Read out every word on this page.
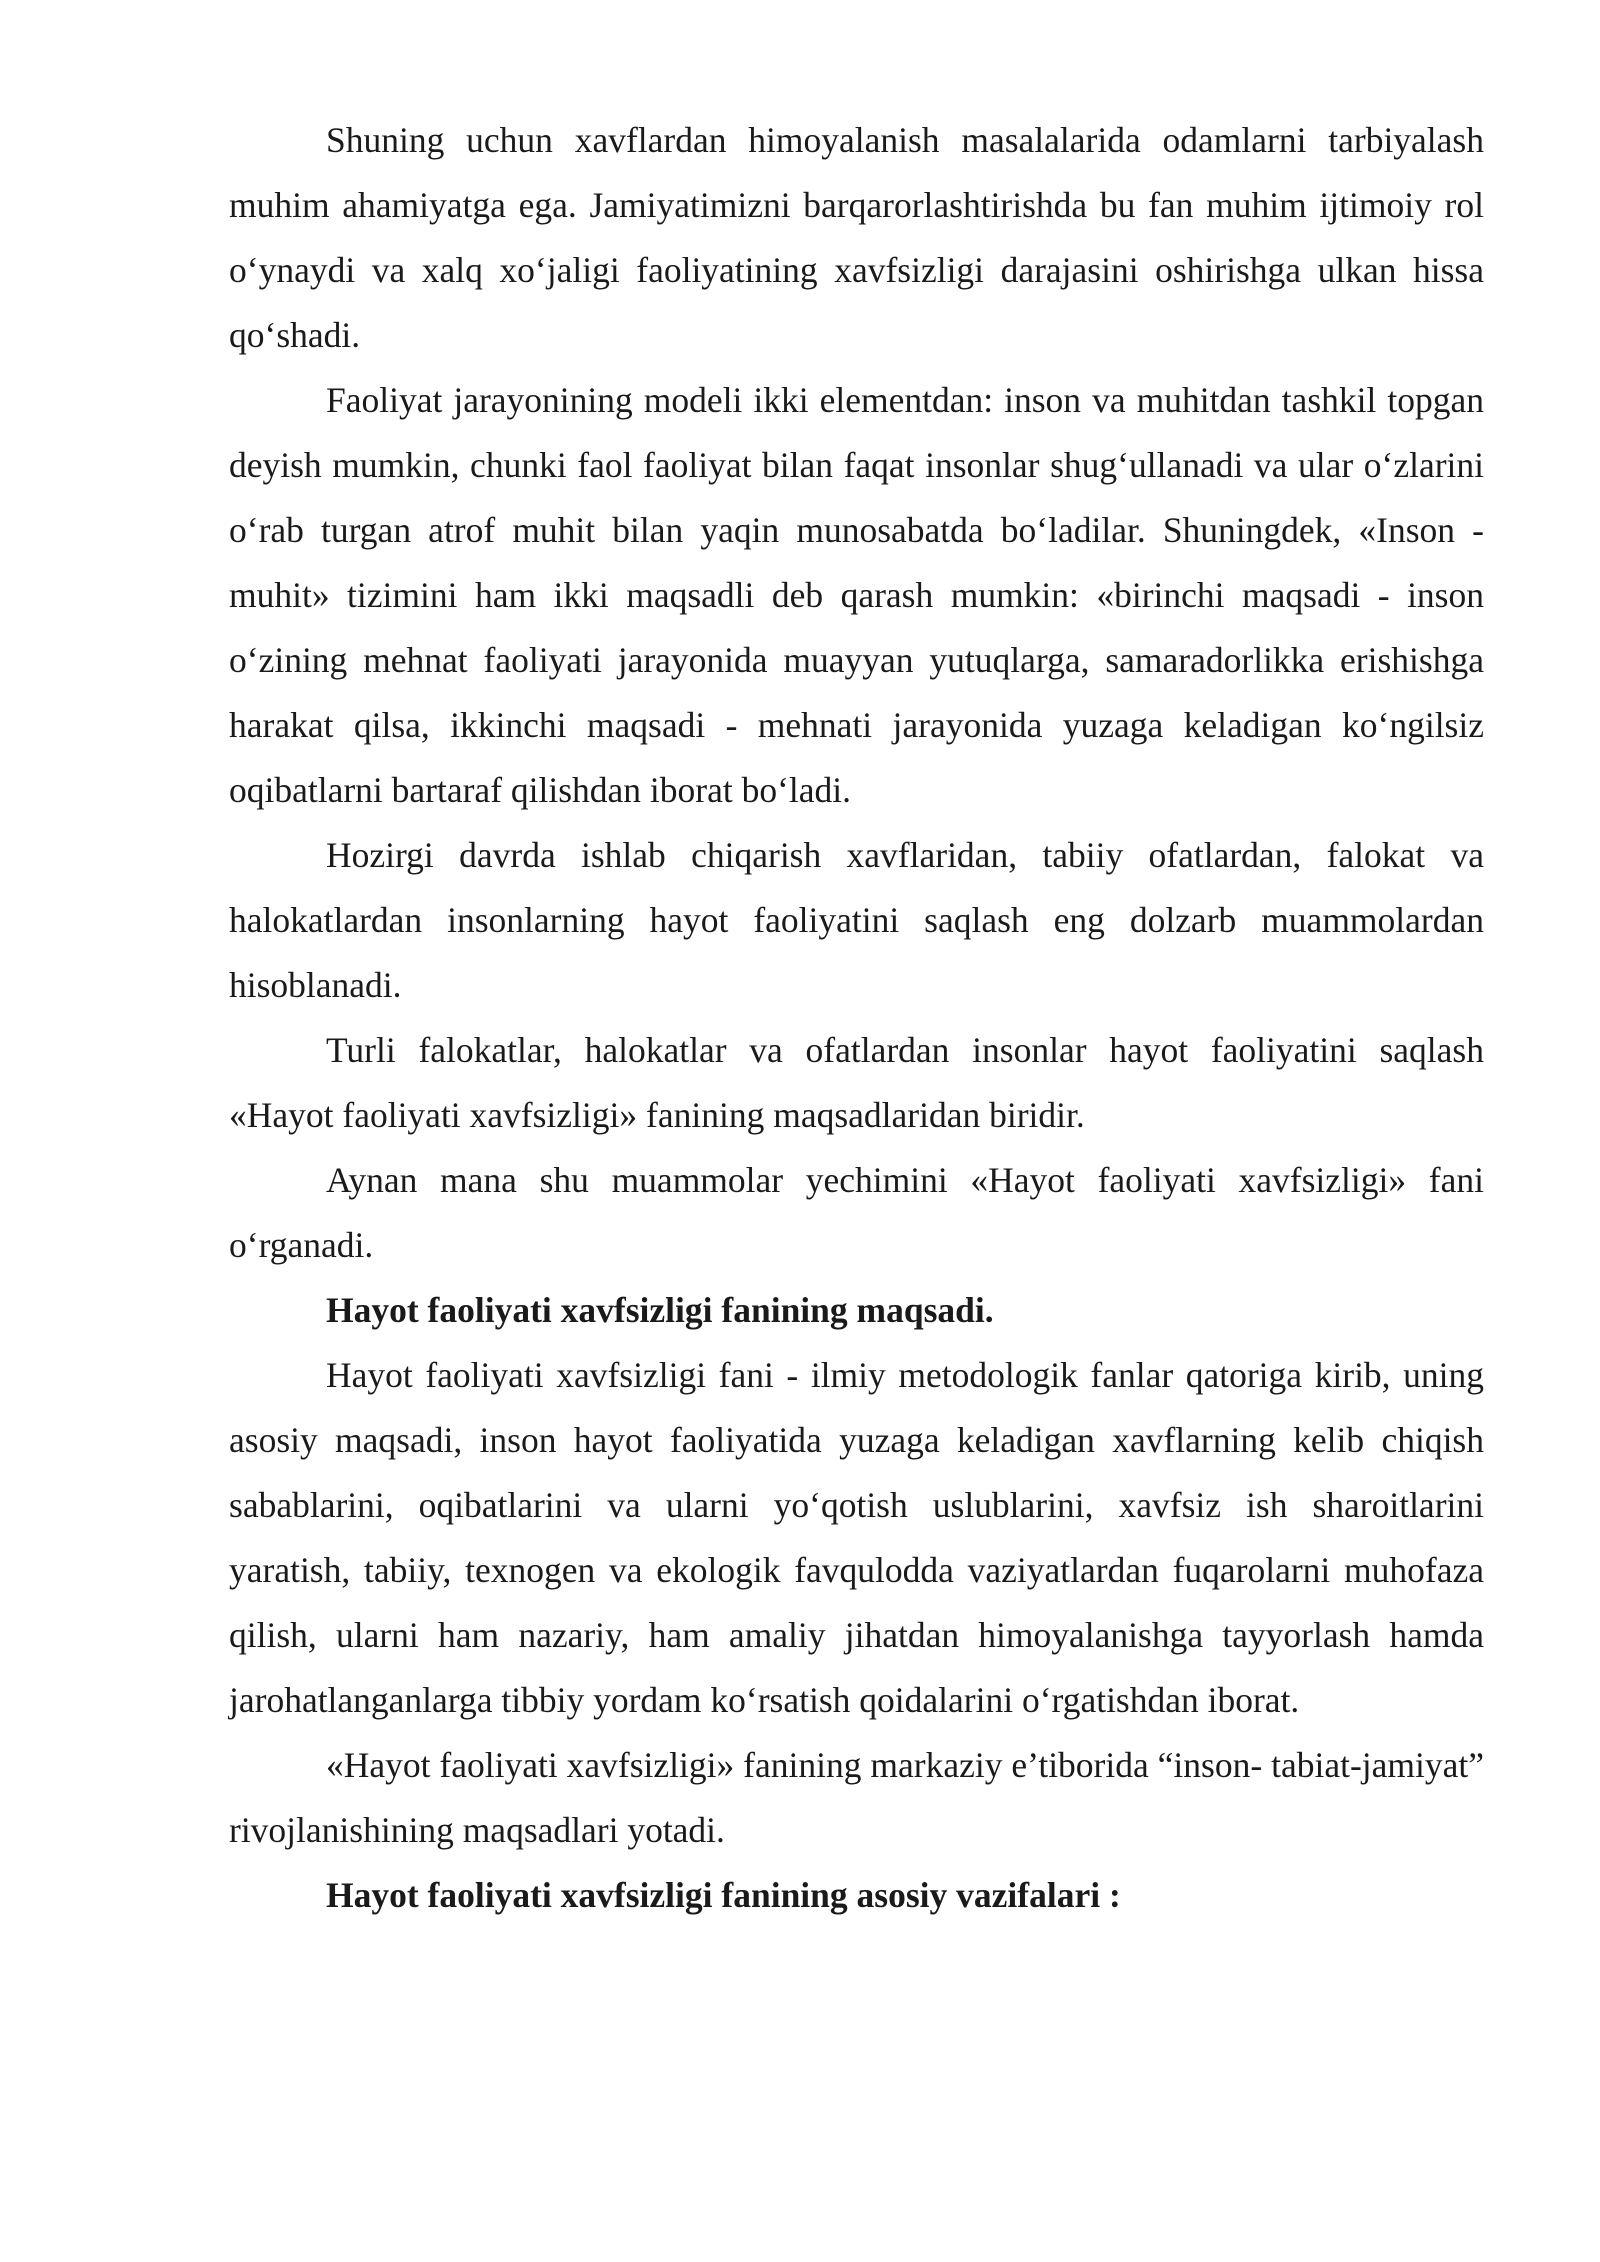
Shuning uchun xavflardan himoyalanish masalalarida odamlarni tarbiyalash muhim ahamiyatga ega. Jamiyatimizni barqarorlashtirishda bu fan muhim ijtimoiy rol o‘ynaydi va xalq xo‘jaligi faoliyatining xavfsizligi darajasini oshirishga ulkan hissa qo‘shadi.

Faoliyat jarayonining modeli ikki elementdan: inson va muhitdan tashkil topgan deyish mumkin, chunki faol faoliyat bilan faqat insonlar shug‘ullanadi va ular o‘zlarini o‘rab turgan atrof muhit bilan yaqin munosabatda bo‘ladilar. Shuningdek, «Inson - muhit» tizimini ham ikki maqsadli deb qarash mumkin: «birinchi maqsadi - inson o‘zining mehnat faoliyati jarayonida muayyan yutuqlarga, samaradorlikka erishishga harakat qilsa, ikkinchi maqsadi - mehnati jarayonida yuzaga keladigan ko‘ngilsiz oqibatlarni bartaraf qilishdan iborat bo‘ladi.

Hozirgi davrda ishlab chiqarish xavflaridan, tabiiy ofatlardan, falokat va halokatlardan insonlarning hayot faoliyatini saqlash eng dolzarb muammolardan hisoblanadi.

Turli falokatlar, halokatlar va ofatlardan insonlar hayot faoliyatini saqlash «Hayot faoliyati xavfsizligi» fanining maqsadlaridan biridir.

Aynan mana shu muammolar yechimini «Hayot faoliyati xavfsizligi» fani o‘rganadi.

Hayot faoliyati xavfsizligi fanining maqsadi.

Hayot faoliyati xavfsizligi fani - ilmiy metodologik fanlar qatoriga kirib, uning asosiy maqsadi, inson hayot faoliyatida yuzaga keladigan xavflarning kelib chiqish sabablarini, oqibatlarini va ularni yo‘qotish uslublarini, xavfsiz ish sharoitlarini yaratish, tabiiy, texnogen va ekologik favqulodda vaziyatlardan fuqarolarni muhofaza qilish, ularni ham nazariy, ham amaliy jihatdan himoyalanishga tayyorlash hamda jarohatlanganlarga tibbiy yordam ko‘rsatish qoidalarini o‘rgatishdan iborat.

«Hayot faoliyati xavfsizligi» fanining markaziy e’tiborida “inson- tabiat-jamiyat” rivojlanishining maqsadlari yotadi.

Hayot faoliyati xavfsizligi fanining asosiy vazifalari :
